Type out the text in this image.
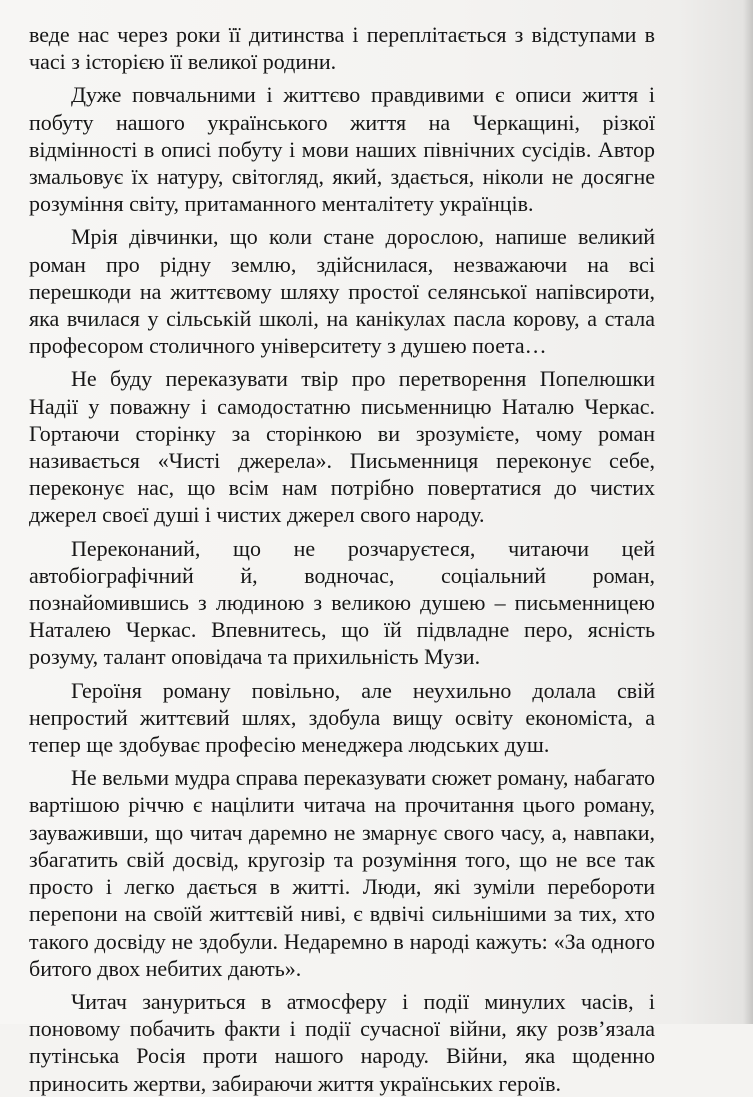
веде нас через роки її дитинства і переплітається з відступами в часі з історією її великої родини.

Дуже повчальними і життєво правдивими є описи життя і побуту нашого українського життя на Черкащині, різкої відмінності в описі побуту і мови наших північних сусідів. Автор змальовує їх натуру, світогляд, який, здається, ніколи не досягне розуміння світу, притаманного менталітету українців.

Мрія дівчинки, що коли стане дорослою, напише великий роман про рідну землю, здійснилася, незважаючи на всі перешкоди на життєвому шляху простої селянської напівсироти, яка вчилася у сільській школі, на канікулах пасла корову, а стала професором столичного університету з душею поета…

Не буду переказувати твір про перетворення Попелюшки Надії у поважну і самодостатню письменницю Наталю Черкас. Гортаючи сторінку за сторінкою ви зрозумієте, чому роман називається «Чисті джерела». Письменниця переконує себе, переконує нас, що всім нам потрібно повертатися до чистих джерел своєї душі і чистих джерел свого народу.

Переконаний, що не розчаруєтеся, читаючи цей автобіографічний й, водночас, соціальний роман, познайомившись з людиною з великою душею – письменницею Наталею Черкас. Впевнитесь, що їй підвладне перо, ясність розуму, талант оповідача та прихильність Музи.

Героїня роману повільно, але неухильно долала свій непростий життєвий шлях, здобула вищу освіту економіста, а тепер ще здобуває професію менеджера людських душ.

Не вельми мудра справа переказувати сюжет роману, набагато вартішою річчю є націлити читача на прочитання цього роману, зауваживши, що читач даремно не змарнує свого часу, а, навпаки, збагатить свій досвід, кругозір та розуміння того, що не все так просто і легко дається в житті. Люди, які зуміли перебороти перепони на своїй життєвій ниві, є вдвічі сильнішими за тих, хто такого досвіду не здобули. Недаремно в народі кажуть: «За одного битого двох небитих дають».

Читач зануриться в атмосферу і події минулих часів, і поновому побачить факти і події сучасної війни, яку розв’язала путінська Росія проти нашого народу. Війни, яка щоденно приносить жертви, забираючи життя українських героїв.
